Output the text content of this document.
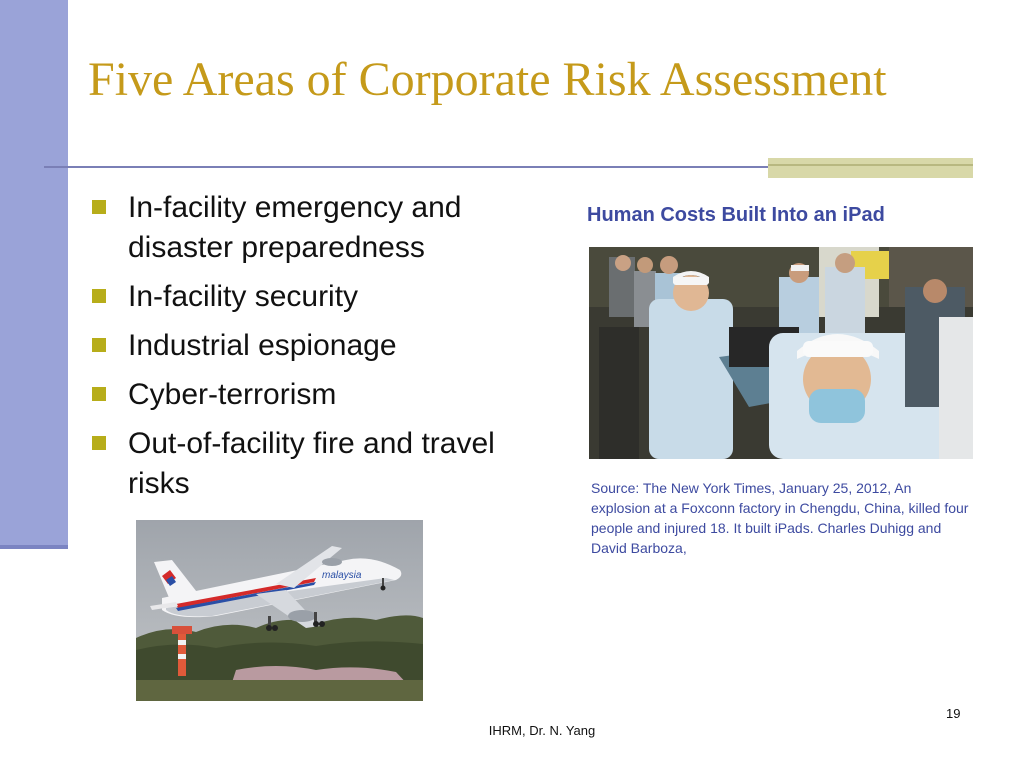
Five Areas of Corporate Risk Assessment
In-facility emergency and disaster preparedness
In-facility security
Industrial espionage
Cyber-terrorism
Out-of-facility fire and travel risks
Human Costs Built Into an iPad
Source: The New York Times, January 25, 2012, An explosion at a Foxconn factory in Chengdu, China, killed four people and injured 18. It built iPads. Charles Duhigg and David Barboza,
malaysia
19
IHRM, Dr. N. Yang
